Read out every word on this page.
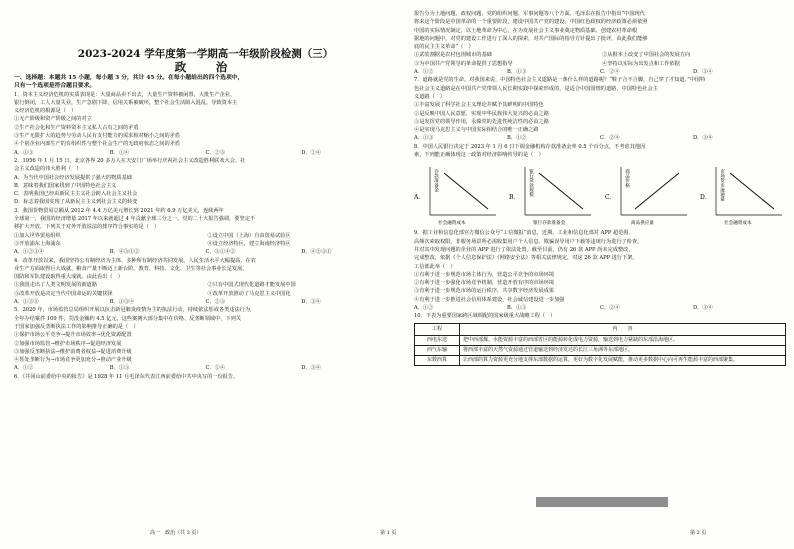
2023-2024 学年度第一学期高一年级阶段检测（三）
政　治
一、选择题：本题共 15 小题，每小题 3 分，共计 45 分。在每小题给出的四个选项中，
只有一个选项是符合题目要求。

1．资本主义经济危机的实质表现是：大量商品卖不出去，大量生产资料被闲置，大批生产企业、

银行倒闭，工人大量失业，生产急剧下降，信用关系被破坏，整个社会生活陷入混乱。导致资本主

义经济危机的根源是（　）

①无产阶级和资产阶级之间的对立

②生产社会化和生产资料资本主义私人占有之间的矛盾

③生产无限扩大的趋势与劳动人民有支付能力的需求相对缩小之间的矛盾

④个别企业内部生产的有组织性与整个社会生产的无政府状态之间的矛盾

A．①③	B．①④	C．②③	D．②④

2．1956 年 1 月 15 日，北京各界 20 多万人在天安门广场举行庆祝社会主义改造胜利联欢大会。社

会主义改造的伟大胜利（　）

A．为当代中国社会经济发展提供了强大的物质基础

B．意味着我们国家找到了中国特色社会主义

C．表明我国已经由新民主主义社会跨入社会主义社会

D．标志着我国实现了从新民主主义到社会主义的转变

3．我国货物贸易总额从 2012 年 4.4 万亿美元增长到 2021 年约 6.9 万亿美元，连续两年

全球第一，我国的经济增量 2017 年以来就超过 4 年贡献全球三分之一，党的二十大报告强调，要坚定不

移扩大开放。下列关于对外开放说法的排序符合事实的是（　）

①加入世界贸易组织	②设立中国（上海）自由贸易试验区
③开放浦东上海浦东	④设立经济特区，建立海南经济特区
A．①②③④	B．④③①②	C．③①④②	D．④②③①

4．改革开放以来，我国坚持公有制经济为主体、多种所有制经济共同发展。人民生活水平大幅提高，在农

业生产方面取得巨大成就，粮食产量不断迈上新台阶。教育、科技、文化、卫生等社会事业长足发展，

国防和军队建设取得重大成就。由此看出（　）

①我国走出了人类文明发展的新道路	②只有中国式现代化道路才能发展中国
③改革开放是决定当代中国命运的关键抉择	④改革开放推动了马克思主义中国化
A．①②③	B．①③④	C．②③	D．③④

5．2020 年，市场监管总局组织开展以抗击新冠肺炎疫情为主的执法行动，持续依法惩戒各类违法行为，

全年办结案件 109 件，罚没金额约 4.5 亿元，这些案例大部分集中在价格、反垄断领域中，下列关

于国家加强反垄断执法工作的影响推导正确的是（　）

①保护市场公平竞争→提升市场效率→优化资源配置

②加强市场监管→维护市场秩序→促进经济发展

③加强反垄断执法→维护消费者权益→促进消费升级

④惩处垄断行为→市场竞争更加充分→推动产业升级

A．①②	B．①③	C．②④	D．③④

6．《井冈山前委给中央的报告》是 1928 年 11 月毛泽东代表江西前委给中共中央写的一份报告。

报告分为土地问题、政权问题、党的组织问题、军事问题等八个方面。毛泽东在报告中指出“中国现代

将来这个阶段是中国革命的一个重要阶段，建设中国共产党的建设。中国红色政权的经济政策必须依照

中国的实际情况制定，以土地革命为中心，在为发展社会主义事业奠定物质基础、创建农村革命根

据地的问题中，对党的建设工作进行了深入的探索，对共产国际的指导方针提出了批评，由此我们能够

底的民主主义革命”（　）

①武装割据是农村包围城市的基础	②从根本上改变了中国社会的发展方向
③为中国共产党领导的革命提供了思想指导	④坚持以实际为出发点和工作依据
A．①②	B．①③	C．②④	D．③④

7．道路就是党的生命。对我国来说，中国特色社会主义道路是一条什么样的道路呢？“鞋子合不合脚，自己穿了才知道。”中国特

色社会主义道路是在中国共产党带领人民长期实践中探索形成的，是适合中国国情的道路，中国特色社会主

义道路（　）

①丰富发展了科学社会主义理论并赋予其鲜明的中国特色

②是反映中国人民意愿，实现中华民族伟大复兴的必由之路

③是发挥党的领导作用，永葆党的先进性纯洁性的必由之路

④是实现马克思主义与中国实际相结合的唯一正确之路

A．①③	B．①②	C．②④	D．③④

8．中国人民银行决定于 2023 年 1 月 6 日下调金融机构存款准备金率 0.5 个百分点，不考虑其他因

素，下列能正确体现这一政策对经济影响传导的是（　）

A．
存款准备金
社会融资成本
B．
银行贷款规模
银行存款准备金
C．
商品价格
商品供应量
D． 市场货币流通量
社会融资成本

9．据工业和信息化部官方微信公众号“工信微报”消息，近期，工业和信息化部对 APP 超范围、

高频次索取权限，非服务场景所必需收集用户个人信息、欺骗误导用户下载等违规行为进行了检查，

并对其中发现问题的企业的 APP 进行了依法处置。截至目前，仍有 26 款 APP 尚未完成整改，

完成整改，依据《个人信息保护法》《网络安全法》等相关法律规定，对这 26 款 APP 进行下架。

工信部此举（　）

①有利于进一步规范市场主体行为，营造公平竞争的市场环境

②有利于进一步强化市场竞争机制，营造开放有序的市场环境

③有利于进一步规范市场的运行秩序，共享数字经济发展成果

④有利于进一步推进社会信用体系建设，社会诚信建设进一步加强

A．①②	B．①③	C．②④	D．③④

10．下表为重要国家跨区域调配的国家级重大战略工程（　）

工程	内　　容
西电东送	把中西部煤、水能资源丰富的西部省区的能源转化成电力资源，输送到电力紧缺的东部沿海地区。
西气东输	将西部丰富的天然气资源通过管道输送到经济发达的长江三角洲等东部地区。
东数西算	让西部的算力资源更充分地支撑东部数据的运算，更好为数字化发展赋能，推动更多数据中心向可再生能源丰富的西部聚集。
高一　政治（共 3 页）	第 1 页	第 2 页
